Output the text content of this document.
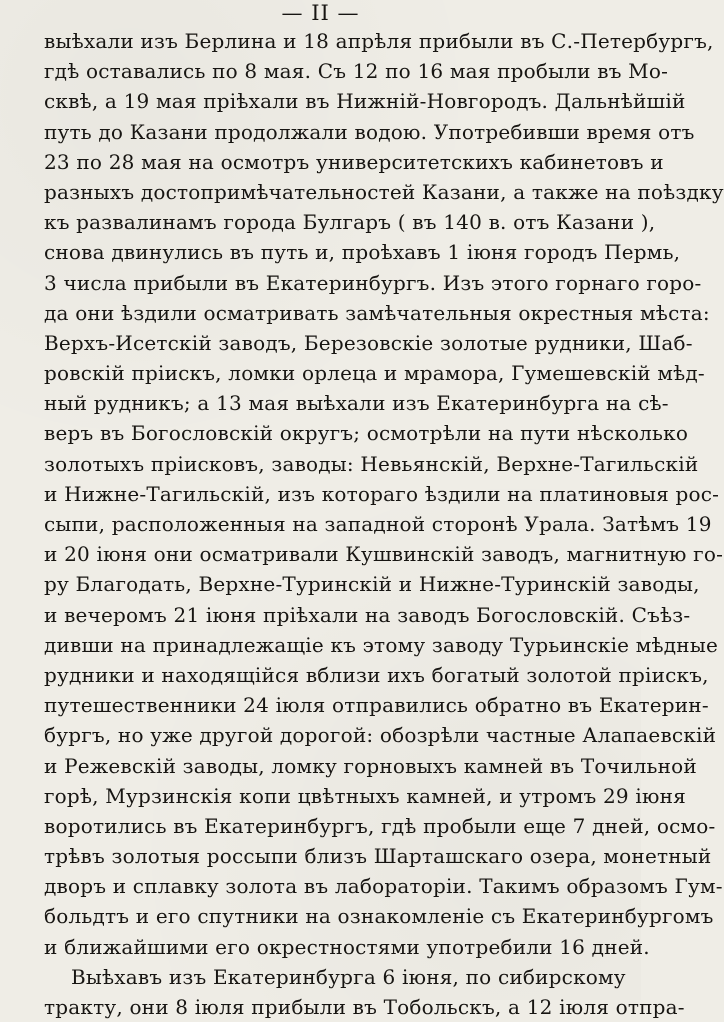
— II —
выѣхали изъ Берлина и 18 апрѣля прибыли въ С.-Петербургъ,
гдѣ оставались по 8 мая. Съ 12 по 16 мая пробыли въ Мо-
сквѣ, а 19 мая пріѣхали въ Нижній-Новгородъ. Дальнѣйшій
путь до Казани продолжали водою. Употребивши время отъ
23 по 28 мая на осмотръ университетскихъ кабинетовъ и
разныхъ достопримѣчательностей Казани, а также на поѣздку
къ развалинамъ города Булгаръ ( въ 140 в. отъ Казани ),
снова двинулись въ путь и, проѣхавъ 1 іюня городъ Пермь,
3 числа прибыли въ Екатеринбургъ. Изъ этого горнаго горо-
да они ѣздили осматривать замѣчательныя окрестныя мѣста:
Верхъ-Исетскій заводъ, Березовскіе золотые рудники, Шаб-
ровскій пріискъ, ломки орлеца и мрамора, Гумешевскій мѣд-
ный рудникъ; а 13 мая выѣхали изъ Екатеринбурга на сѣ-
веръ въ Богословскій округъ; осмотрѣли на пути нѣсколько
золотыхъ пріисковъ, заводы: Невьянскій, Верхне-Тагильскій
и Нижне-Тагильскій, изъ котораго ѣздили на платиновыя рос-
сыпи, расположенныя на западной сторонѣ Урала. Затѣмъ 19
и 20 іюня они осматривали Кушвинскій заводъ, магнитную го-
ру Благодать, Верхне-Туринскій и Нижне-Туринскій заводы,
и вечеромъ 21 іюня пріѣхали на заводъ Богословскій. Съѣз-
дивши на принадлежащіе къ этому заводу Турьинскіе мѣдные
рудники и находящійся вблизи ихъ богатый золотой пріискъ,
путешественники 24 іюля отправились обратно въ Екатерин-
бургъ, но уже другой дорогой: обозрѣли частные Алапаевскій
и Режевскій заводы, ломку горновыхъ камней въ Точильной
горѣ, Мурзинскія копи цвѣтныхъ камней, и утромъ 29 іюня
воротились въ Екатеринбургъ, гдѣ пробыли еще 7 дней, осмо-
трѣвъ золотыя россыпи близъ Шарташскаго озера, монетный
дворъ и сплавку золота въ лабораторіи. Такимъ образомъ Гум-
больдтъ и его спутники на ознакомленіе съ Екатеринбургомъ
и ближайшими его окрестностями употребили 16 дней.
Выѣхавъ изъ Екатеринбурга 6 іюня, по сибирскому
тракту, они 8 іюля прибыли въ Тобольскъ, а 12 іюля отпра-
